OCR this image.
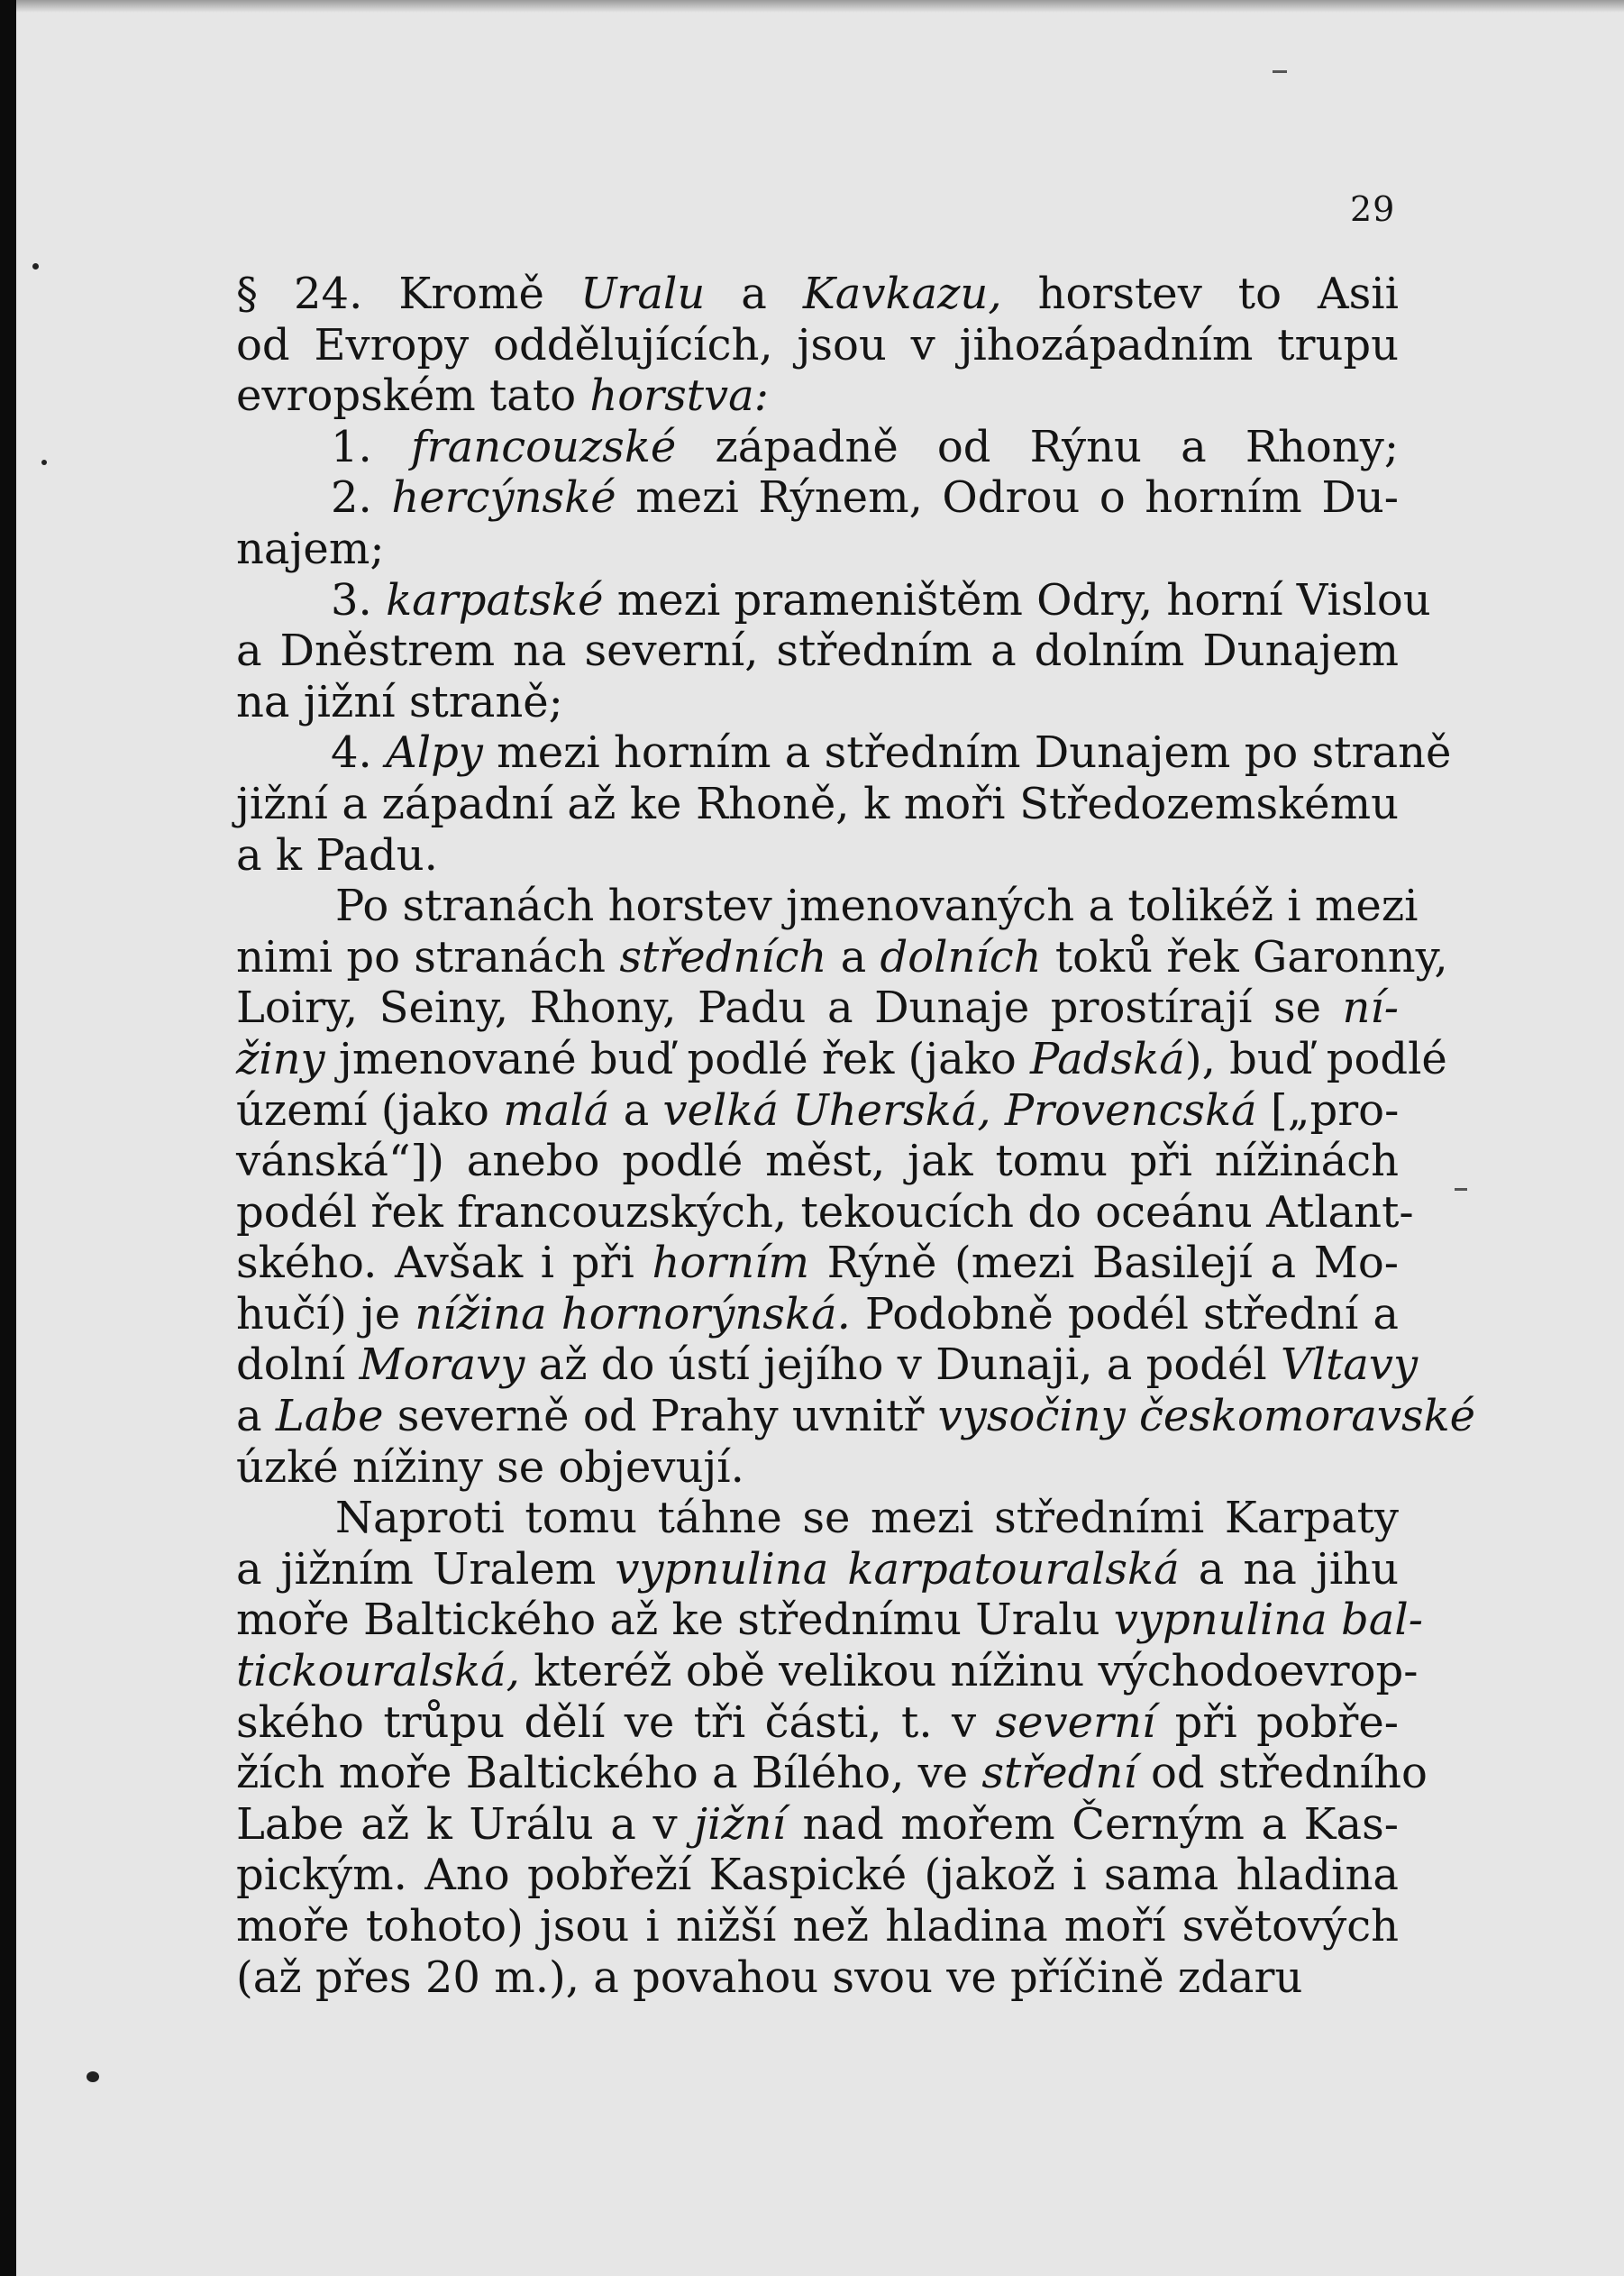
29
§ 24. Kromě Uralu a Kavkazu, horstev to Asii
od Evropy oddělujících, jsou v jihozápadním trupu
evropském tato horstva:
1. francouzské západně od Rýnu a Rhony;
2. hercýnské mezi Rýnem, Odrou o horním Du-
najem;
3. karpatské mezi prameništěm Odry, horní Vislou
a Dněstrem na severní, středním a dolním Dunajem
na jižní straně;
4. Alpy mezi horním a středním Dunajem po straně
jižní a západní až ke Rhoně, k moři Středozemskému
a k Padu.
Po stranách horstev jmenovaných a tolikéž i mezi
nimi po stranách středních a dolních toků řek Garonny,
Loiry, Seiny, Rhony, Padu a Dunaje prostírají se ní-
žiny jmenované buď podlé řek (jako Padská), buď podlé
území (jako malá a velká Uherská, Provencská [„pro-
vánská“]) anebo podlé měst, jak tomu při nížinách
podél řek francouzských, tekoucích do oceánu Atlant-
ského. Avšak i při horním Rýně (mezi Basilejí a Mo-
hučí) je nížina hornorýnská. Podobně podél střední a
dolní Moravy až do ústí jejího v Dunaji, a podél Vltavy
a Labe severně od Prahy uvnitř vysočiny českomoravské
úzké nížiny se objevují.
Naproti tomu táhne se mezi středními Karpaty
a jižním Uralem vypnulina karpatouralská a na jihu
moře Baltického až ke střednímu Uralu vypnulina bal-
tickouralská, kteréž obě velikou nížinu východoevrop-
ského trůpu dělí ve tři části, t. v severní při pobře-
žích moře Baltického a Bílého, ve střední od středního
Labe až k Urálu a v jižní nad mořem Černým a Kas-
pickým. Ano pobřeží Kaspické (jakož i sama hladina
moře tohoto) jsou i nižší než hladina moří světových
(až přes 20 m.), a povahou svou ve příčině zdaru
